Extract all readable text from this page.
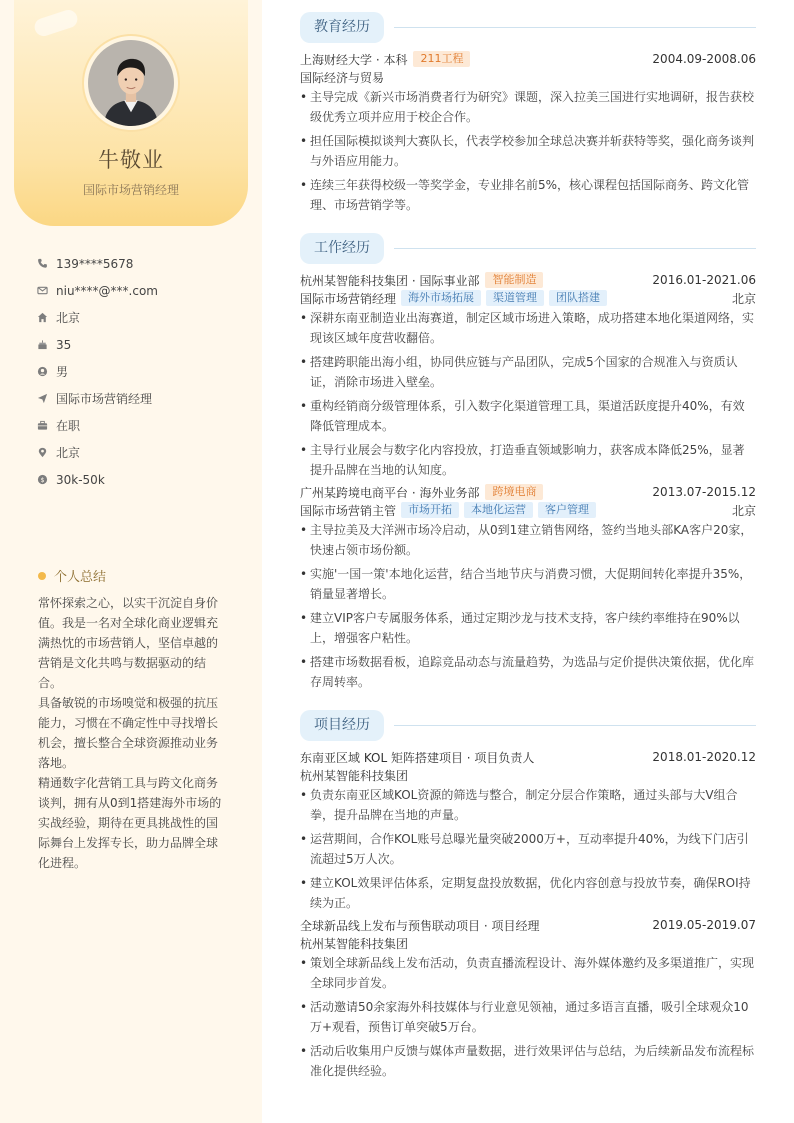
牛敬业
国际市场营销经理
139****5678
niu****@***.com
北京
35
男
国际市场营销经理
在职
北京
$ 30k-50k
个人总结

常怀探索之心，以实干沉淀自身价值。我是一名对全球化商业逻辑充满热忱的市场营销人，坚信卓越的营销是文化共鸣与数据驱动的结合。

具备敏锐的市场嗅觉和极强的抗压能力，习惯在不确定性中寻找增长机会，擅长整合全球资源推动业务落地。

精通数字化营销工具与跨文化商务谈判，拥有从0到1搭建海外市场的实战经验，期待在更具挑战性的国际舞台上发挥专长，助力品牌全球化进程。

教育经历
上海财经大学 · 本科	211工程	2004.09-2008.06
国际经济与贸易
• 主导完成《新兴市场消费者行为研究》课题，深入拉美三国进行实地调研，报告获校级优秀立项并应用于校企合作。
• 担任国际模拟谈判大赛队长，代表学校参加全球总决赛并斩获特等奖，强化商务谈判与外语应用能力。
• 连续三年获得校级一等奖学金，专业排名前5%，核心课程包括国际商务、跨文化管理、市场营销学等。
工作经历
杭州某智能科技集团 · 国际事业部	智能制造	2016.01-2021.06
国际市场营销经理	海外市场拓展	渠道管理	团队搭建	北京
• 深耕东南亚制造业出海赛道，制定区域市场进入策略，成功搭建本地化渠道网络，实现该区域年度营收翻倍。
• 搭建跨职能出海小组，协同供应链与产品团队，完成5个国家的合规准入与资质认证，消除市场进入壁垒。
• 重构经销商分级管理体系，引入数字化渠道管理工具，渠道活跃度提升40%，有效降低管理成本。
• 主导行业展会与数字化内容投放，打造垂直领域影响力，获客成本降低25%，显著提升品牌在当地的认知度。
广州某跨境电商平台 · 海外业务部	跨境电商	2013.07-2015.12
国际市场营销主管	市场开拓	本地化运营	客户管理	北京
• 主导拉美及大洋洲市场冷启动，从0到1建立销售网络，签约当地头部KA客户20家，快速占领市场份额。
• 实施'一国一策'本地化运营，结合当地节庆与消费习惯，大促期间转化率提升35%，销量显著增长。
• 建立VIP客户专属服务体系，通过定期沙龙与技术支持，客户续约率维持在90%以上，增强客户粘性。
• 搭建市场数据看板，追踪竞品动态与流量趋势，为选品与定价提供决策依据，优化库存周转率。
项目经历
东南亚区域 KOL 矩阵搭建项目 · 项目负责人	2018.01-2020.12
杭州某智能科技集团
• 负责东南亚区域KOL资源的筛选与整合，制定分层合作策略，通过头部与大V组合拳，提升品牌在当地的声量。
• 运营期间，合作KOL账号总曝光量突破2000万+，互动率提升40%，为线下门店引流超过5万人次。
• 建立KOL效果评估体系，定期复盘投放数据，优化内容创意与投放节奏，确保ROI持续为正。
全球新品线上发布与预售联动项目 · 项目经理	2019.05-2019.07
杭州某智能科技集团
• 策划全球新品线上发布活动，负责直播流程设计、海外媒体邀约及多渠道推广，实现全球同步首发。
• 活动邀请50余家海外科技媒体与行业意见领袖，通过多语言直播，吸引全球观众10万+观看，预售订单突破5万台。
• 活动后收集用户反馈与媒体声量数据，进行效果评估与总结，为后续新品发布流程标准化提供经验。
